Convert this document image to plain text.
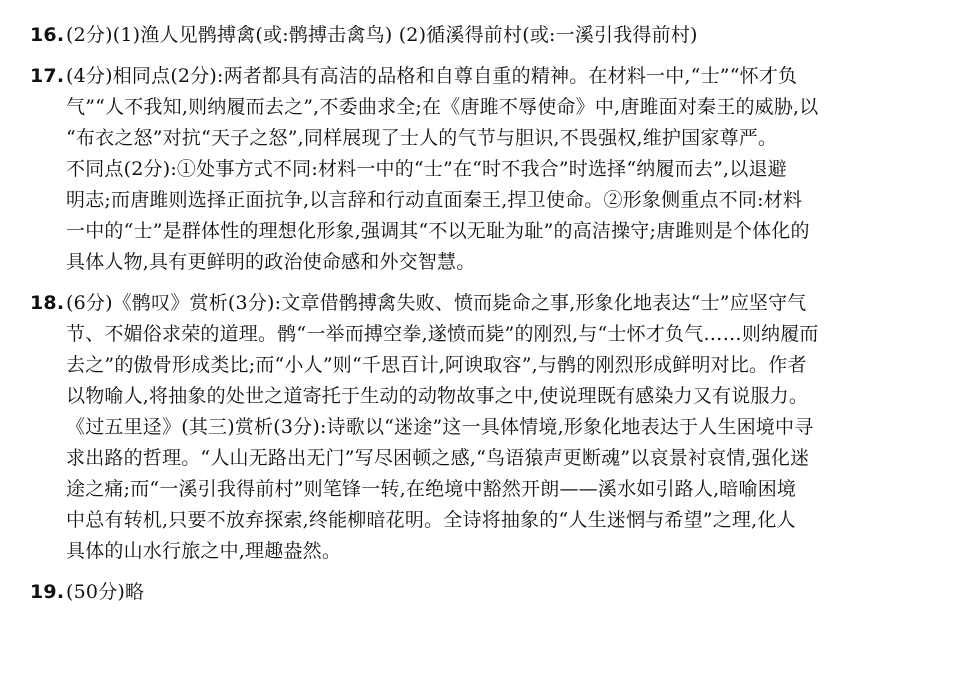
16.(2分)(1)渔人见鹘搏禽(或:鹘搏击禽鸟) (2)循溪得前村(或:一溪引我得前村)
17.(4分)相同点(2分):两者都具有高洁的品格和自尊自重的精神。在材料一中,“士”“怀才负
气”“人不我知,则纳履而去之”,不委曲求全;在《唐雎不辱使命》中,唐雎面对秦王的威胁,以
“布衣之怒”对抗“天子之怒”,同样展现了士人的气节与胆识,不畏强权,维护国家尊严。
不同点(2分):①处事方式不同:材料一中的“士”在“时不我合”时选择“纳履而去”,以退避
明志;而唐雎则选择正面抗争,以言辞和行动直面秦王,捍卫使命。②形象侧重点不同:材料
一中的“士”是群体性的理想化形象,强调其“不以无耻为耻”的高洁操守;唐雎则是个体化的
具体人物,具有更鲜明的政治使命感和外交智慧。
18.(6分)《鹘叹》赏析(3分):文章借鹘搏禽失败、愤而毙命之事,形象化地表达“士”应坚守气
节、不媚俗求荣的道理。鹘“一举而搏空拳,遂愤而毙”的刚烈,与“士怀才负气……则纳履而
去之”的傲骨形成类比;而“小人”则“千思百计,阿谀取容”,与鹘的刚烈形成鲜明对比。作者
以物喻人,将抽象的处世之道寄托于生动的动物故事之中,使说理既有感染力又有说服力。
《过五里迳》(其三)赏析(3分):诗歌以“迷途”这一具体情境,形象化地表达于人生困境中寻
求出路的哲理。“人山无路出无门”写尽困顿之感,“鸟语猿声更断魂”以哀景衬哀情,强化迷
途之痛;而“一溪引我得前村”则笔锋一转,在绝境中豁然开朗——溪水如引路人,暗喻困境
中总有转机,只要不放弃探索,终能柳暗花明。全诗将抽象的“人生迷惘与希望”之理,化人
具体的山水行旅之中,理趣盎然。
19.(50分)略
